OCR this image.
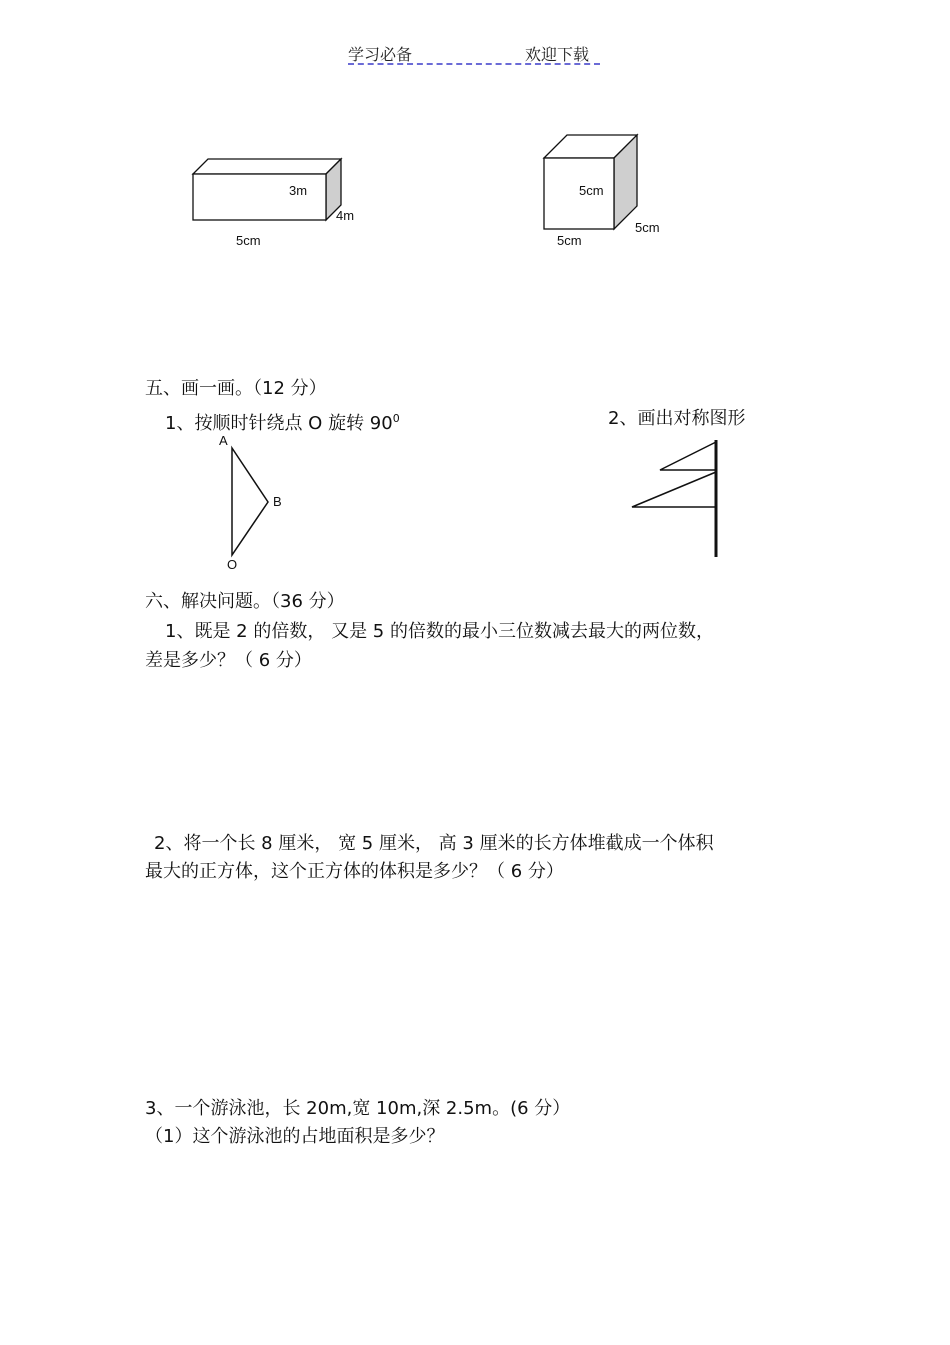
学习必备	欢迎下载
3m
4m
5cm
5cm
5cm
5cm
五、画一画。（12 分）
1、按顺时针绕点 O 旋转 $90^0$	2、画出对称图形
A
B
O
六、解决问题。（36 分）
1、既是 2 的倍数， 又是 5 的倍数的最小三位数减去最大的两位数，
差是多少？（ 6 分）
2、将一个长 8 厘米， 宽 5 厘米， 高 3 厘米的长方体堆截成一个体积
最大的正方体，这个正方体的体积是多少？（ 6 分）
3、一个游泳池，长 20m,宽 10m,深 2.5m。(6 分）
（1）这个游泳池的占地面积是多少？
